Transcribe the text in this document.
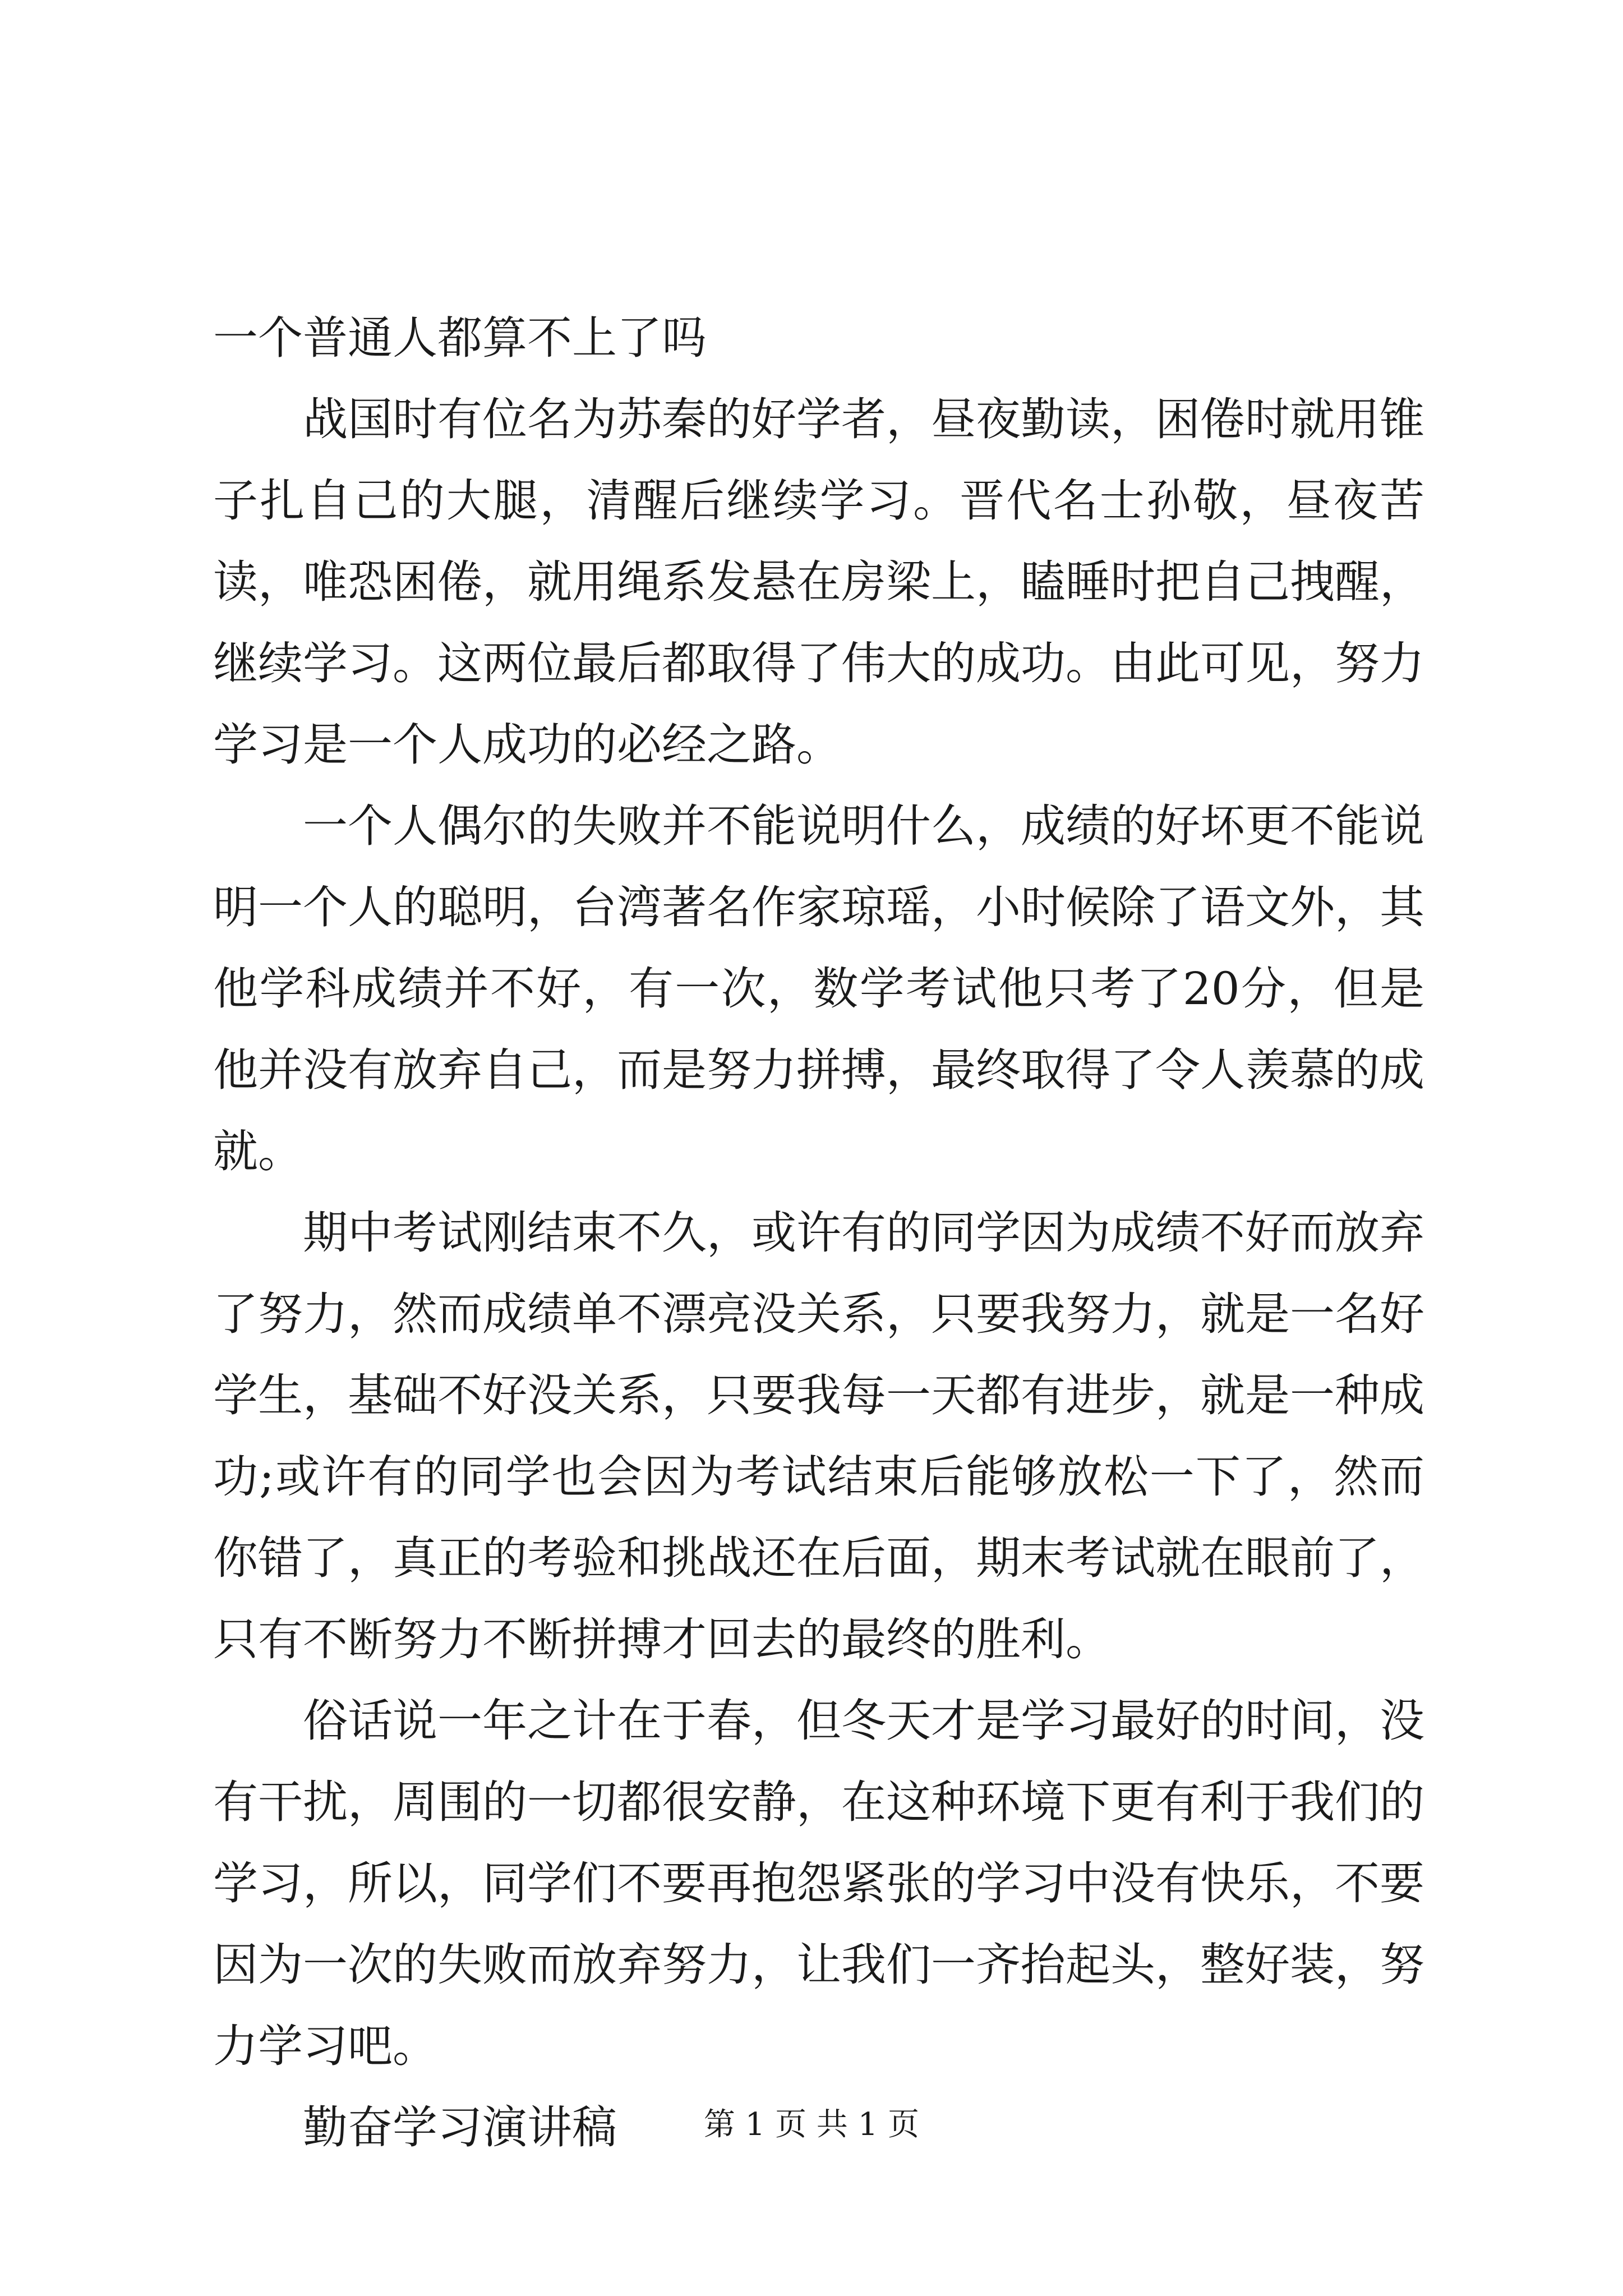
一个普通人都算不上了吗

战国时有位名为苏秦的好学者，昼夜勤读，困倦时就用锥子扎自己的大腿，清醒后继续学习。晋代名士孙敬，昼夜苦读，唯恐困倦，就用绳系发悬在房梁上，瞌睡时把自己拽醒，继续学习。这两位最后都取得了伟大的成功。由此可见，努力学习是一个人成功的必经之路。

一个人偶尔的失败并不能说明什么，成绩的好坏更不能说明一个人的聪明，台湾著名作家琼瑶，小时候除了语文外，其他学科成绩并不好，有一次，数学考试他只考了20分，但是他并没有放弃自己，而是努力拼搏，最终取得了令人羡慕的成就。

期中考试刚结束不久，或许有的同学因为成绩不好而放弃了努力，然而成绩单不漂亮没关系，只要我努力，就是一名好学生，基础不好没关系，只要我每一天都有进步，就是一种成功;或许有的同学也会因为考试结束后能够放松一下了，然而你错了，真正的考验和挑战还在后面，期末考试就在眼前了，只有不断努力不断拼搏才回去的最终的胜利。

俗话说一年之计在于春，但冬天才是学习最好的时间，没有干扰，周围的一切都很安静，在这种环境下更有利于我们的学习，所以，同学们不要再抱怨紧张的学习中没有快乐，不要因为一次的失败而放弃努力，让我们一齐抬起头，整好装，努力学习吧。

勤奋学习演讲稿	第 1 页 共 1 页
